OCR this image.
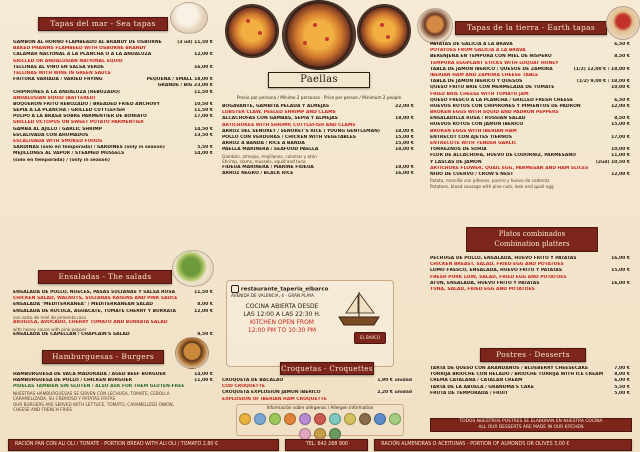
Tapas del mar - Sea tapas
GAMBÓN AL HORNO FLAMBEADO AL BRANDY DE OSBORNE	(3 ud) 11,50 €
BAKED PRAWNS FLAMBÉED WITH OSBORNE BRANDY
CALAMAR NACIONAL A LA PLANCHA O A LA ANDALUZA	12,00 €
GRILLED OR ANDALUSIAN NATIONAL SQUID
TELLINAS AL VINO EN SALSA VERDE	16,00 €
TELLINAS WITH WINE IN GREEN SAUCE
FRITURA VARIADA / VARIED FRYING	PEQUEÑA / SMALL 18,00 €
GRANDE / BIG 23,00 €
CHIPIRONES A LA ANDALUZA (REBOZADO)	11,50 €
ANDALUSIAN SQUID (BATTERED)
BOQUERÓN FRITO REBOZADO / BREADED FRIED ANCHOVY	10,50 €
SEPIA A LA PLANCHA / GRILLED CUTTLEFISH	11,50 €
PULPO A LA BRASA SOBRE PARMENTIER DE BONIATO	17,00 €
GRILLED OCTOPUS ON SWEET POTATO PARMENTIER
GAMBA AL AJILLO / GARLIC SHRIMP	14,50 €
ESCALIVADA CON AHUMADOS	13,50 €
ESCALIVADA WITH SMOKED FOODS
SARDINAS (solo en temporada) / SARDINES (only in season)	5,50 €
MEJILLONES AL VAPOR / STEAMED MUSSELS	14,00 €
(solo en temporada) / (only in season)
Ensaladas - The salads
ENSALADA DE POLLO, NUECES, PASAS SULTANAS Y SALSA ROSA	11,50 €
CHICKEN SALAD, WALNUTS, SULTANAS RAISINS AND PINK SAUCE
ENSALADA "MEDITERRÁNEA" / MEDITERRANEAN SALAD	8,00 €
ENSALADA DE RÚCULA, AGUACATE, TOMATE CHERRY Y BURRATA	12,00 €
con salsa de miel de pimienta rosa
ARUGULA, AVOCADO, CHERRY TOMATO AND BURRATA SALAD
with honey sauce with pink pepper
ENSALADA DE CAPELLÁN / CHAPLAIN'S SALAD	8,50 €
Hamburguesas - Burgers
HAMBURGUESA DE VACA MADURADA / AGED BEEF BURGUER	14,00 €
HAMBURGUESA DE POLLO / CHICKEN BURGUER	11,00 €
PÍDELAS TAMBIÉN SIN GLUTEN / ALSO ASK FOR THEM GLUTEN-FREE
NUESTRAS HAMBURGUESAS SE SIRVEN CON LECHUGA, TOMATE, CEBOLLA
CARAMELIZADA, SU CREMOSO Y PATATAS FRITAS
OUR BURGERS ARE SERVED WITH LETTUCE, TOMATO, CARAMELIZED ONION,
CHEESE AND FRENCH FRIES
Paellas
Precio por persona / Mínimo 2 personas · Price per person / Minimum 2 people
BOGAVANTE, GAMBITA PELADA Y ALMEJAS	22,00 €
LOBSTER CLAW, PEELED SHRIMP AND CLAMS
ALCACHOFAS CON GAMBAS, SEPIA Y ALMEJAS	18,00 €
ARTICHOKES WITH SHRIMP, CUTTLEFISH AND CLAMS
ARROZ DEL SEÑORET / SEÑORET'S RICE ( YOUNG GENTLEMAN)	18,00 €
POLLO CON VERDURAS / CHICKEN WITH VEGETABLES	15,00 €
ARROZ A BANDA / RICE A BANDA	15,00 €
PAELLA MARINERA / SEAFOOD PAELLA	18,00 €
Gambón, almejas, mejillones, calamar y atún
Shrimp, clams, mussels, squid and tuna
FIDEUÁ MARINERA / MARINE FIDEUA	18,00 €
ARROZ NEGRO / BLACK RICE	16,00 €
restaurante_taperia_elbarco
AVENIDA DE VALENCIA, 4 - GRAN PLAYA
COCINA ABIERTA DESDE
LAS 12:00 A LAS 22:30 H.
KITCHEN OPEN FROM
12:00 PM TO 10:30 PM
EL BARCO
Croquetas - Croquettes
CROQUETA DE BACALAO	1,90 € unidad
COD CROQUETTE
CROQUETA EXPLOSIÓN JAMÓN IBÉRICO	2,20 € unidad
EXPLOSION OF IBERIAN HAM CROQUETTE
Información sobre alérgenos / Allergen information
Tapas de la tierra - Earth tapas
PATATAS DE GALICIA A LA BRAVA	6,50 €
POTATOES FROM GALICIA A LA BRAVA
BERENJENA EN TEMPURA CON MIEL DE NÍSPERO	8,50 €
TEMPURA EGGPLANT STICKS WITH LOQUAT HONEY
TABLA DE JAMÓN IBÉRICO / QUESOS DE ZAMORA	(1/2) 12,00 € / 18,00 €
IBERIAN HAM AND ZAMORA CHEESE TABLE
TABLA DE JAMÓN IBÉRICO Y QUESOS	(1/2) 9,00 € / 18,00 €
QUESO FRITO BRIE CON MERMELADA DE TOMATE	10,00 €
FRIED BRIE CHEESE WITH TOMATO JAM
QUESO FRESCO A LA PLANCHA / GRILLED FRESH CHEESE	6,50 €
HUEVOS ROTOS CON CHIPIRONES Y PIMIENTOS DE PADRÓN	12,00 €
BROKEN EGGS WITH SQUID AND PADRÓN PEPPERS
ENSALADILLA RUSA / RUSSIAN SALAD	8,50 €
HUEVOS ROTOS CON JAMÓN IBÉRICO	15,00 €
BROKEN EGGS WITH IBERIAN HAM
ENTRECOT CON AJETES TIERNOS	17,00 €
ENTRECOTE WITH TENDER GARLIC
TORREZNOS DE SORIA	10,00 €
FLOR DE ALCACHOFA, HUEVO DE CODORNIZ, PARMESANO	11,00 €
Y LASCAS DE JAMÓN	(2ud) 10,50 €
ARTICHOKE FLOWER, QUAIL EGG, PARMESAN AND HAM SLICES
NIDO DE CUERVO / CROW'S NEST	12,00 €
Patata, morcilla con piñones, puerro y huevo de codorniz
Potatoes, blood sausage with pine nuts, leek and quail egg
Platos combinados
Combination platters
PECHUGA DE POLLO, ENSALADA, HUEVO FRITO Y PATATAS	16,00 €
CHICKEN BREAST, SALAD, FRIED EGG AND POTATOES
LOMO FRESCO, ENSALADA, HUEVO FRITO Y PATATAS	15,00 €
FRESH PORK LOIN, SALAD, FRIED EGG AND POTATOES
ATÚN, ENSALADA, HUEVO FRITO Y PATATAS	16,00 €
TUNA, SALAD, FRIED EGG AND POTATOES
Postres - Desserts
TARTA DE QUESO CON ARÁNDANOS / BLUEBERRY CHEESECAKE	7,00 €
TORRIJA BRIOCHE CON HELADO / BRIOCHE TORRIJA WITH ICE CREAM 8,00 €
CREMA CATALANA / CATALAN CREAM	6,00 €
TARTA DE LA ABUELA / GRANDMA'S CAKE	5,50 €
FRUTA DE TEMPORADA / FRUIT	5,00 €
TODOS NUESTROS POSTRES SE ELABORAN EN NUESTRA COCINA
ALL OUR DESSERTS ARE MADE IN OUR KITCHEN
RACIÓN PAN CON ALI OLI / TOMATE - PORTION BREAD WITH ALI OLI / TOMATO 2,80 €	TEL. 642 268 900	RACIÓN ALMENDRAS O ACEITUNAS - PORTION OF ALMONDS OR OLIVES 3,00 €
